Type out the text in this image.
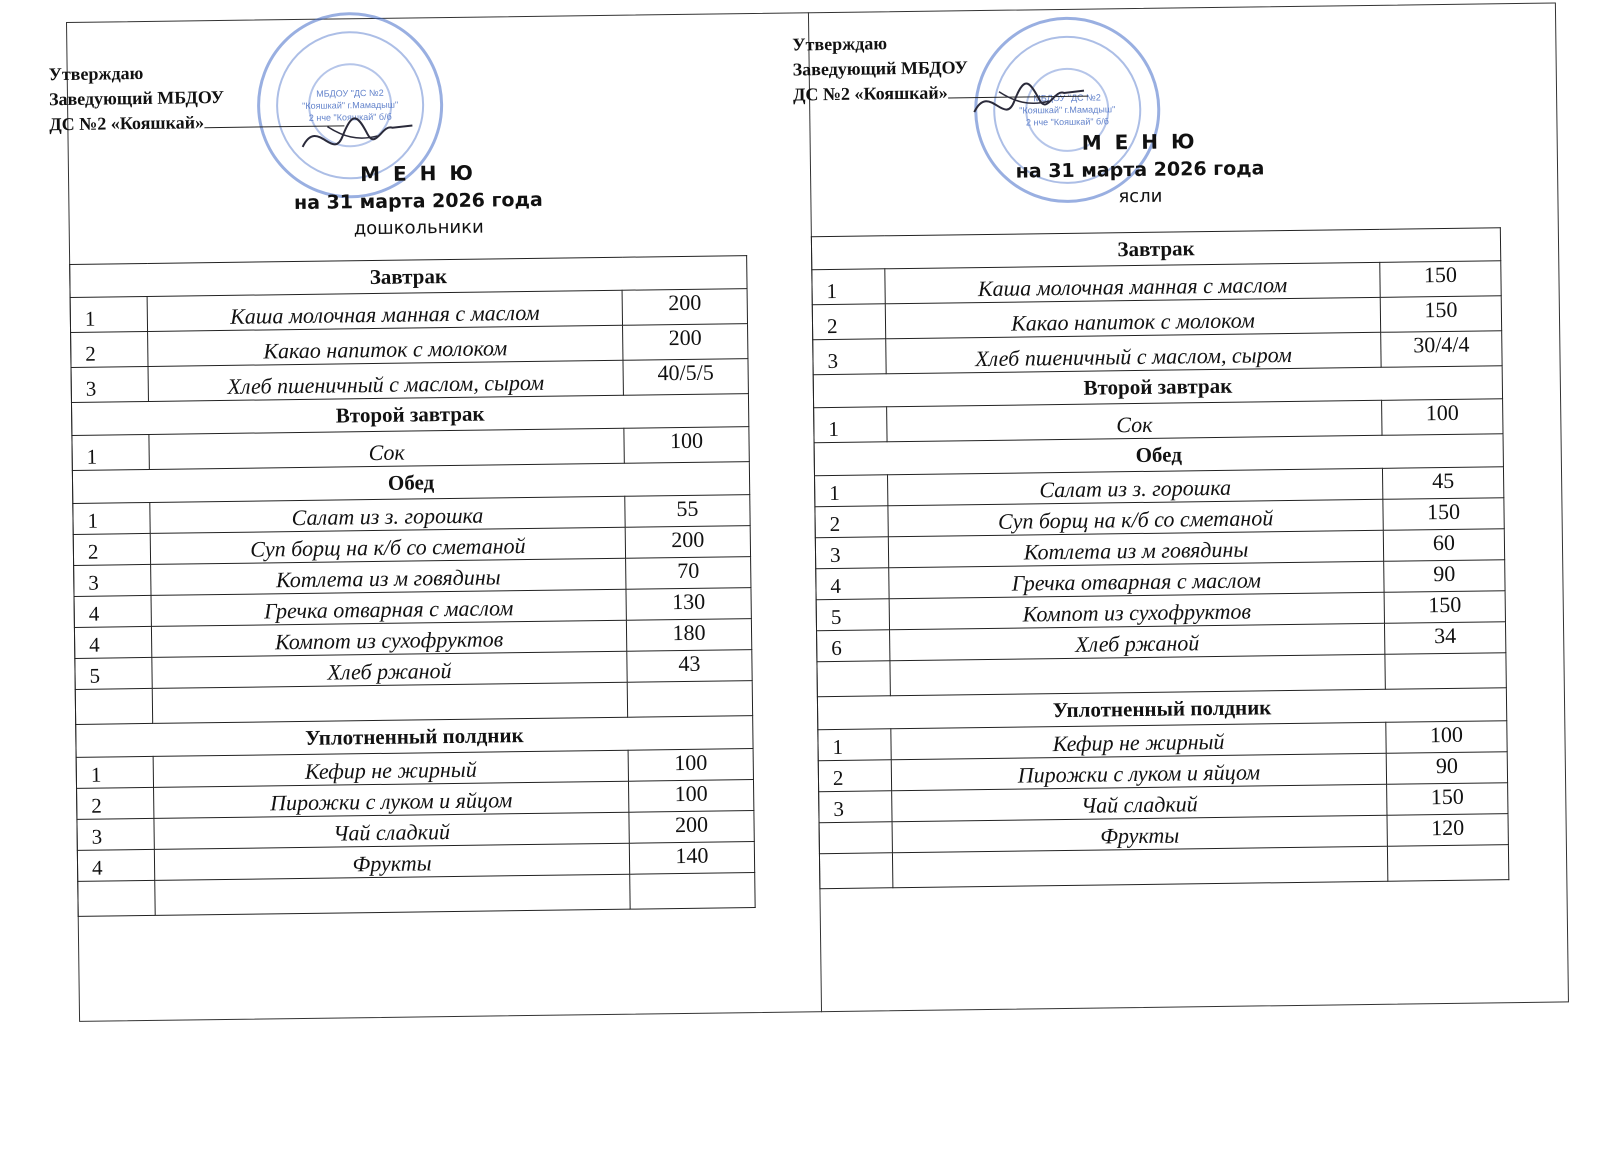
МБДОУ "ДС №2
"Кояшкай" г.Мамадыш"
2 нче "Кояшкай" б/б
Утверждаю
Заведующий МБДОУ
ДС №2 «Кояшкай»
М Е Н Ю
на 31 марта 2026 года
дошкольники
Завтрак		
1	Каша молочная манная с маслом	200
2	Какао напиток с молоком	200
3	Хлеб пшеничный с маслом, сыром	40/5/5
Второй завтрак		
1	Сок	100
Обед		
1	Салат из з. горошка	55
2	Суп борщ на к/б со сметаной	200
3	Котлета из м говядины	70
4	Гречка отварная с маслом	130
4	Компот из сухофруктов	180
5	Хлеб ржаной	43

Уплотненный полдник		
1	Кефир не жирный	100
2	Пирожки с луком и яйцом	100
3	Чай сладкий	200
4	Фрукты	140

МБДОУ "ДС №2
"Кояшкай" г.Мамадыш"
2 нче "Кояшкай" б/б
Утверждаю
Заведующий МБДОУ
ДС №2 «Кояшкай»
М Е Н Ю
на 31 марта 2026 года
ясли
Завтрак		
1	Каша молочная манная с маслом	150
2	Какао напиток с молоком	150
3	Хлеб пшеничный с маслом, сыром	30/4/4
Второй завтрак		
1	Сок	100
Обед		
1	Салат из з. горошка	45
2	Суп борщ на к/б со сметаной	150
3	Котлета из м говядины	60
4	Гречка отварная с маслом	90
5	Компот из сухофруктов	150
6	Хлеб ржаной	34

Уплотненный полдник		
1	Кефир не жирный	100
2	Пирожки с луком и яйцом	90
3	Чай сладкий	150
	Фрукты	120
